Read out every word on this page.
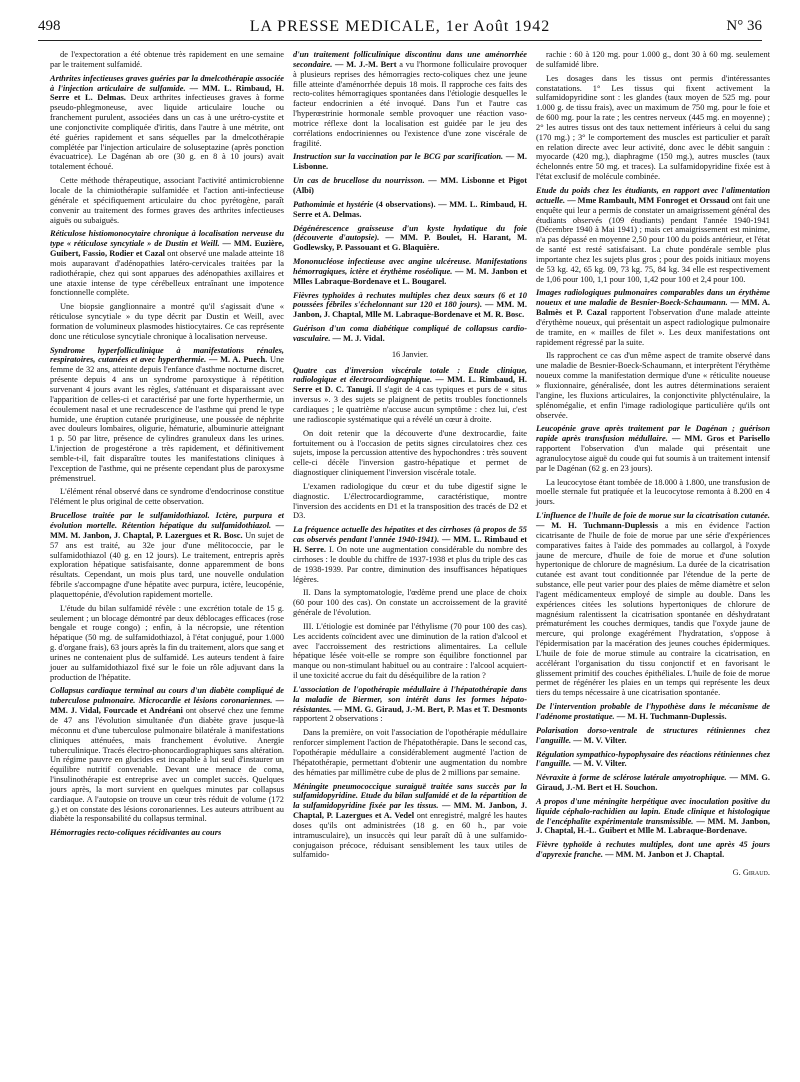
498	LA PRESSE MEDICALE, 1er Août 1942	N° 36

de l'expectoration a été obtenue très rapidement en une semaine par le traitement sulfamidé.

Arthrites infectieuses graves guéries par la dmelcothérapie associée à l'injection articulaire de sulfamide. — MM. L. Rimbaud, H. Serre et L. Delmas. Deux arthrites infectieuses graves à forme pseudo-phlegmoneuse, avec liquide articulaire louche ou franchement purulent, associées dans un cas à une urétro-cystite et une conjonctivite compliquée d'iritis, dans l'autre à une métrite, ont été guéries rapidement et sans séquelles par la dmelcothérapie complétée par l'injection articulaire de soluseptazine (après ponction évacuatrice). Le Dagénan ab ore (30 g. en 8 à 10 jours) avait totalement échoué.

Cette méthode thérapeutique, associant l'activité antimicrobienne locale de la chimiothérapie sulfamidée et l'action anti-infectieuse générale et spécifiquement articulaire du choc pyrétogène, paraît convenir au traitement des formes graves des arthrites infectieuses aiguës ou subaiguës.

Réticulose histiomonocytaire chronique à localisation nerveuse du type « réticulose syncytiale » de Dustin et Weill. — MM. Euzière, Guibert, Fassio, Rodier et Cazal ont observé une malade atteinte 18 mois auparavant d'adénopathies latéro-cervicales traitées par la radiothérapie, chez qui sont apparues des adénopathies axillaires et une ataxie intense de type cérébelleux entraînant une impotence fonctionnelle complète.

Une biopsie ganglionnaire a montré qu'il s'agissait d'une « réticulose syncytiale » du type décrit par Dustin et Weill, avec formation de volumineux plasmodes histiocytaires. Ce cas représente donc une réticulose syncytiale chronique à localisation nerveuse.

Syndrome hyperfolliculinique à manifestations rénales, respiratoires, cutanées et avec hyperthermie. — M. A. Puech. Une femme de 32 ans, atteinte depuis l'enfance d'asthme nocturne discret, présente depuis 4 ans un syndrome paroxystique à répétition survenant 4 jours avant les règles, s'atténuant et disparaissant avec l'apparition de celles-ci et caractérisé par une forte hyperthermie, un écoulement nasal et une recrudescence de l'asthme qui prend le type humide, une éruption cutanée prurigineuse, une poussée de néphrite avec douleurs lombaires, oligurie, hématurie, albuminurie atteignant 1 p. 50 par litre, présence de cylindres granuleux dans les urines. L'injection de progestérone a très rapidement, et définitivement semble-t-il, fait disparaître toutes les manifestations cliniques à l'exception de l'asthme, qui ne présente cependant plus de paroxysme prémenstruel.

L'élément rénal observé dans ce syndrome d'endocrinose constitue l'élément le plus original de cette observation.

Brucellose traitée par le sulfamidothiazol. Ictère, purpura et évolution mortelle. Rétention hépatique du sulfamidothiazol. — MM. M. Janbon, J. Chaptal, P. Lazergues et R. Bosc. Un sujet de 57 ans est traité, au 32e jour d'une mélitococcie, par le sulfamidothiazol (40 g. en 12 jours). Le traitement, entrepris après exploration hépatique satisfaisante, donne apparemment de bons résultats. Cependant, un mois plus tard, une nouvelle ondulation fébrile s'accompagne d'une hépatite avec purpura, ictère, leucopénie, plaquettopénie, d'évolution rapidement mortelle.

L'étude du bilan sulfamidé révèle : une excrétion totale de 15 g. seulement ; un blocage démontré par deux déblocages efficaces (rose bengale et rouge congo) ; enfin, à la nécropsie, une rétention hépatique (50 mg. de sulfamidothiazol, à l'état conjugué, pour 1.000 g. d'organe frais), 63 jours après la fin du traitement, alors que sang et urines ne contenaient plus de sulfamidé. Les auteurs tendent à faire jouer au sulfamidothiazol fixé sur le foie un rôle adjuvant dans la production de l'hépatite.

Collapsus cardiaque terminal au cours d'un diabète compliqué de tuberculose pulmonaire. Microcardie et lésions coronariennes. — MM. J. Vidal, Fourcade et Andréani ont observé chez une femme de 47 ans l'évolution simultanée d'un diabète grave jusque-là méconnu et d'une tuberculose pulmonaire bilatérale à manifestations cliniques atténuées, mais franchement évolutive. Anergie tuberculinique. Tracés électro-phonocardiographiques sans altération. Un régime pauvre en glucides est incapable à lui seul d'instaurer un équilibre nutritif convenable. Devant une menace de coma, l'insulinothérapie est entreprise avec un complet succès. Quelques jours après, la mort survient en quelques minutes par collapsus cardiaque. A l'autopsie on trouve un cœur très réduit de volume (172 g.) et on constate des lésions coronariennes. Les auteurs attribuent au diabète la responsabilité du collapsus terminal.

Hémorragies recto-coliques récidivantes au cours

d'un traitement folliculinique discontinu dans une aménorrhée secondaire. — M. J.-M. Bert a vu l'hormone folliculaire provoquer à plusieurs reprises des hémorragies recto-coliques chez une jeune fille atteinte d'aménorrhée depuis 18 mois. Il rapproche ces faits des recto-colites hémorragiques spontanées dans l'étiologie desquelles le facteur endocrinien a été invoqué. Dans l'un et l'autre cas l'hyperœstrinie hormonale semble provoquer une réaction vaso-motrice réflexe dont la localisation est guidée par le jeu des corrélations endocriniennes ou l'existence d'une zone viscérale de fragilité.

Instruction sur la vaccination par le BCG par scarification. — M. Lisbonne.

Un cas de brucellose du nourrisson. — MM. Lisbonne et Pigot (Albi)

Pathomimie et hystérie (4 observations). — MM. L. Rimbaud, H. Serre et A. Delmas.

Dégénérescence graisseuse d'un kyste hydatique du foie (découverte d'autopsie). — MM. P. Boulet, H. Harant, M. Godlewsky, P. Passouant et G. Blaquière.

Mononucléose infectieuse avec angine ulcéreuse. Manifestations hémorragiques, ictère et érythème roséolique. — M. M. Janbon et Mlles Labraque-Bordenave et L. Bougarel.

Fièvres typhoïdes à rechutes multiples chez deux sœurs (6 et 10 poussées fébriles s'échelonnant sur 120 et 180 jours). — MM. M. Janbon, J. Chaptal, Mlle M. Labraque-Bordenave et M. R. Bosc.

Guérison d'un coma diabétique compliqué de collapsus cardio-vasculaire. — M. J. Vidal.

16 Janvier.

Quatre cas d'inversion viscérale totale : Etude clinique, radiologique et électrocardiographique. — MM. L. Rimbaud, H. Serre et D. C. Tanugi. Il s'agit de 4 cas typiques et purs de « situs inversus ». 3 des sujets se plaignent de petits troubles fonctionnels cardiaques ; le quatrième n'accuse aucun symptôme : chez lui, c'est une radioscopie systématique qui a révélé un cœur à droite.

On doit retenir que la découverte d'une dextrocardie, faite fortuitement ou à l'occasion de petits signes circulatoires chez ces sujets, impose la percussion attentive des hypochondres : très souvent celle-ci décèle l'inversion gastro-hépatique et permet de diagnostiquer cliniquement l'inversion viscérale totale.

L'examen radiologique du cœur et du tube digestif signe le diagnostic. L'électrocardiogramme, caractéristique, montre l'inversion des accidents en D1 et la transposition des tracés de D2 et D3.

La fréquence actuelle des hépatites et des cirrhoses (à propos de 55 cas observés pendant l'année 1940-1941). — MM. L. Rimbaud et H. Serre. I. On note une augmentation considérable du nombre des cirrhoses : le double du chiffre de 1937-1938 et plus du triple des cas de 1938-1939. Par contre, diminution des insuffisances hépatiques légères.

II. Dans la symptomatologie, l'œdème prend une place de choix (60 pour 100 des cas). On constate un accroissement de la gravité générale de l'évolution.

III. L'étiologie est dominée par l'éthylisme (70 pour 100 des cas). Les accidents coïncident avec une diminution de la ration d'alcool et avec l'accroissement des restrictions alimentaires. La cellule hépatique lésée voit-elle se rompre son équilibre fonctionnel par manque ou non-stimulant habituel ou au contraire : l'alcool acquiert-il une toxicité accrue du fait du déséquilibre de la ration ?

L'association de l'opothérapie médullaire à l'hépatothérapie dans la maladie de Biermer, son intérêt dans les formes hépato-résistantes. — MM. G. Giraud, J.-M. Bert, P. Mas et T. Desmonts rapportent 2 observations :

Dans la première, on voit l'association de l'opothérapie médullaire renforcer simplement l'action de l'hépatothérapie. Dans le second cas, l'opothérapie médullaire a considérablement augmenté l'action de l'hépatothérapie, permettant d'obtenir une augmentation du nombre des hématies par millimètre cube de plus de 2 millions par semaine.

Méningite pneumococcique suraiguë traitée sans succès par la sulfamidopyridine. Etude du bilan sulfamidé et de la répartition de la sulfamidopyridine fixée par les tissus. — MM. M. Janbon, J. Chaptal, P. Lazergues et A. Vedel ont enregistré, malgré les hautes doses qu'ils ont administrées (18 g. en 60 h., par voie intramusculaire), un insuccès qui leur paraît dû à une sulfamido-conjugaison précoce, réduisant sensiblement les taux utiles de sulfamido-

rachie : 60 à 120 mg. pour 1.000 g., dont 30 à 60 mg. seulement de sulfamidé libre.

Les dosages dans les tissus ont permis d'intéressantes constatations. 1° Les tissus qui fixent activement la sulfamidopyridine sont : les glandes (taux moyen de 525 mg. pour 1.000 g. de tissu frais), avec un maximum de 750 mg. pour le foie et de 600 mg. pour la rate ; les centres nerveux (445 mg. en moyenne) ; 2° les autres tissus ont des taux nettement inférieurs à celui du sang (170 mg.) ; 3° le comportement des muscles est particulier et paraît en relation directe avec leur activité, donc avec le débit sanguin : myocarde (420 mg.), diaphragme (150 mg.), autres muscles (taux échelonnés entre 50 mg. et traces). La sulfamidopyridine fixée est à l'état exclusif de molécule combinée.

Etude du poids chez les étudiants, en rapport avec l'alimentation actuelle. — Mme Rambault, MM Fonroget et Orssaud ont fait une enquête qui leur a permis de constater un amaigrissement général des étudiants observés (109 étudiants) pendant l'année 1940-1941 (Décembre 1940 à Mai 1941) ; mais cet amaigrissement est minime, n'a pas dépassé en moyenne 2,50 pour 100 du poids antérieur, et l'état de santé est resté satisfaisant. La chute pondérale semble plus importante chez les sujets plus gros ; pour des poids initiaux moyens de 53 kg. 42, 65 kg. 09, 73 kg. 75, 84 kg. 34 elle est respectivement de 1,06 pour 100, 1,1 pour 100, 1,42 pour 100 et 2,4 pour 100.

Images radiologiques pulmonaires comparables dans un érythème noueux et une maladie de Besnier-Boeck-Schaumann. — MM. A. Balmès et P. Cazal rapportent l'observation d'une malade atteinte d'érythème noueux, qui présentait un aspect radiologique pulmonaire de tramite, en « mailles de filet ». Les deux manifestations ont rapidement régressé par la suite.

Ils rapprochent ce cas d'un même aspect de tramite observé dans une maladie de Besnier-Boeck-Schaumann, et interprètent l'érythème noueux comme la manifestation dermique d'une « réticulite noueuse » fluxionnaire, généralisée, dont les autres déterminations seraient l'angine, les fluxions articulaires, la conjonctivite phlycténulaire, la splénomégalie, et enfin l'image radiologique particulière qu'ils ont observée.

Leucopénie grave après traitement par le Dagénan ; guérison rapide après transfusion médullaire. — MM. Gros et Parisello rapportent l'observation d'un malade qui présentait une agranulocytose aiguë du coude qui fut soumis à un traitement intensif par le Dagénan (62 g. en 23 jours).

La leucocytose étant tombée de 18.000 à 1.800, une transfusion de moelle sternale fut pratiquée et la leucocytose remonta à 8.200 en 4 jours.

L'influence de l'huile de foie de morue sur la cicatrisation cutanée. — M. H. Tuchmann-Duplessis a mis en évidence l'action cicatrisante de l'huile de foie de morue par une série d'expériences comparatives faites à l'aide des pommades au collargol, à l'oxyde jaune de mercure, d'huile de foie de morue et d'une solution hypertonique de chlorure de magnésium. La durée de la cicatrisation cutanée est avant tout conditionnée par l'étendue de la perte de substance, elle peut varier pour des plaies de même diamètre et selon l'agent médicamenteux employé de simple au double. Dans les expériences citées les solutions hypertoniques de chlorure de magnésium ralentissent la cicatrisation spontanée en déshydratant prématurément les couches dermiques, tandis que l'oxyde jaune de mercure, qui prolonge exagérément l'hydratation, s'oppose à l'épidermisation par la macération des jeunes couches épidermiques. L'huile de foie de morue stimule au contraire la cicatrisation, en accélérant l'organisation du tissu conjonctif et en favorisant le glissement primitif des couches épithéliales. L'huile de foie de morue permet de régénérer les plaies en un temps qui représente les deux tiers du temps nécessaire à une cicatrisation spontanée.

De l'intervention probable de l'hypothèse dans le mécanisme de l'adénome prostatique. — M. H. Tuchmann-Duplessis.

Polarisation dorso-ventrale de structures rétiniennes chez l'anguille. — M. V. Vilter.

Régulation sympathico-hypophysaire des réactions rétiniennes chez l'anguille. — M. V. Vilter.

Névraxite à forme de sclérose latérale amyotrophique. — MM. G. Giraud, J.-M. Bert et H. Souchon.

A propos d'une méningite herpétique avec inoculation positive du liquide céphalo-rachidien au lapin. Etude clinique et histologique de l'encéphalite expérimentale transmissible. — MM. M. Janbon, J. Chaptal, H.-L. Guibert et Mlle M. Labraque-Bordenave.

Fièvre typhoïde à rechutes multiples, dont une après 45 jours d'apyrexie franche. — MM. M. Janbon et J. Chaptal.

G. Giraud.
